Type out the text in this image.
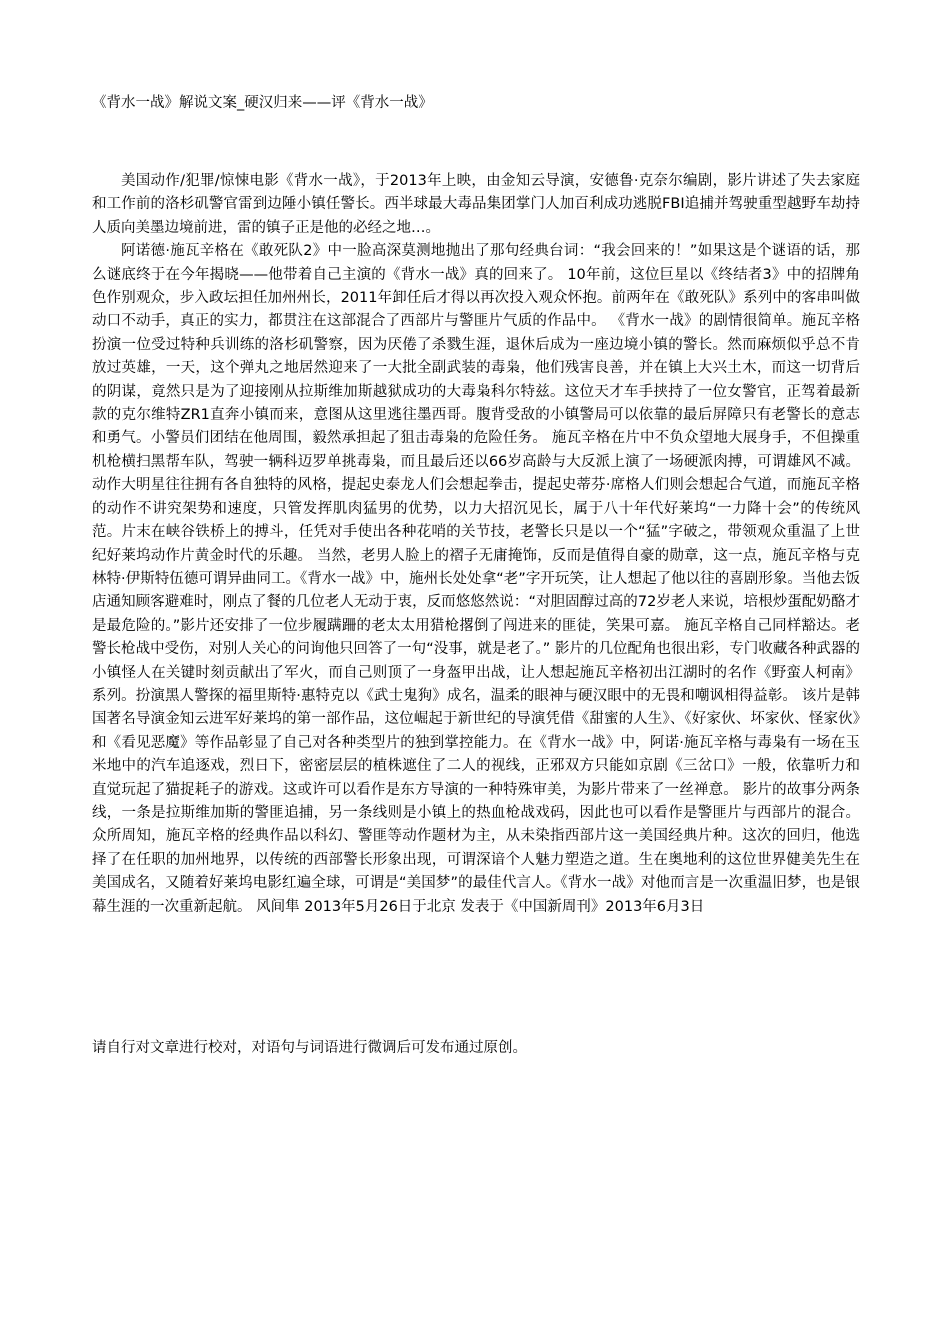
《背水一战》解说文案_硬汉归来——评《背水一战》

美国动作/犯罪/惊悚电影《背水一战》，于2013年上映，由金知云导演，安德鲁·克奈尔编剧，影片讲述了失去家庭和工作前的洛杉矶警官雷到边陲小镇任警长。西半球最大毒品集团掌门人加百利成功逃脱FBI追捕并驾驶重型越野车劫持人质向美墨边境前进，雷的镇子正是他的必经之地…。

阿诺德·施瓦辛格在《敢死队2》中一脸高深莫测地抛出了那句经典台词：“我会回来的！”如果这是个谜语的话，那么谜底终于在今年揭晓——他带着自己主演的《背水一战》真的回来了。 10年前，这位巨星以《终结者3》中的招牌角色作别观众，步入政坛担任加州州长，2011年卸任后才得以再次投入观众怀抱。前两年在《敢死队》系列中的客串叫做动口不动手，真正的实力，都贯注在这部混合了西部片与警匪片气质的作品中。 《背水一战》的剧情很简单。施瓦辛格扮演一位受过特种兵训练的洛杉矶警察，因为厌倦了杀戮生涯，退休后成为一座边境小镇的警长。然而麻烦似乎总不肯放过英雄，一天，这个弹丸之地居然迎来了一大批全副武装的毒枭，他们残害良善，并在镇上大兴土木，而这一切背后的阴谋，竟然只是为了迎接刚从拉斯维加斯越狱成功的大毒枭科尔特兹。这位天才车手挟持了一位女警官，正驾着最新款的克尔维特ZR1直奔小镇而来，意图从这里逃往墨西哥。腹背受敌的小镇警局可以依靠的最后屏障只有老警长的意志和勇气。小警员们团结在他周围，毅然承担起了狙击毒枭的危险任务。 施瓦辛格在片中不负众望地大展身手，不但操重机枪横扫黑帮车队，驾驶一辆科迈罗单挑毒枭，而且最后还以66岁高龄与大反派上演了一场硬派肉搏，可谓雄风不减。动作大明星往往拥有各自独特的风格，提起史泰龙人们会想起拳击，提起史蒂芬·席格人们则会想起合气道，而施瓦辛格的动作不讲究架势和速度，只管发挥肌肉猛男的优势，以力大招沉见长，属于八十年代好莱坞“一力降十会”的传统风范。片末在峡谷铁桥上的搏斗，任凭对手使出各种花哨的关节技，老警长只是以一个“猛”字破之，带领观众重温了上世纪好莱坞动作片黄金时代的乐趣。 当然，老男人脸上的褶子无庸掩饰，反而是值得自豪的勋章，这一点，施瓦辛格与克林特·伊斯特伍德可谓异曲同工。《背水一战》中，施州长处处拿“老”字开玩笑，让人想起了他以往的喜剧形象。当他去饭店通知顾客避难时，刚点了餐的几位老人无动于衷，反而悠悠然说：“对胆固醇过高的72岁老人来说，培根炒蛋配奶酪才是最危险的。”影片还安排了一位步履蹒跚的老太太用猎枪撂倒了闯进来的匪徒，笑果可嘉。 施瓦辛格自己同样豁达。老警长枪战中受伤，对别人关心的问询他只回答了一句“没事，就是老了。” 影片的几位配角也很出彩，专门收藏各种武器的小镇怪人在关键时刻贡献出了军火，而自己则顶了一身盔甲出战，让人想起施瓦辛格初出江湖时的名作《野蛮人柯南》系列。扮演黑人警探的福里斯特·惠特克以《武士鬼狗》成名，温柔的眼神与硬汉眼中的无畏和嘲讽相得益彰。 该片是韩国著名导演金知云进军好莱坞的第一部作品，这位崛起于新世纪的导演凭借《甜蜜的人生》、《好家伙、坏家伙、怪家伙》和《看见恶魔》等作品彰显了自己对各种类型片的独到掌控能力。在《背水一战》中，阿诺·施瓦辛格与毒枭有一场在玉米地中的汽车追逐戏，烈日下，密密层层的植株遮住了二人的视线，正邪双方只能如京剧《三岔口》一般，依靠听力和直觉玩起了猫捉耗子的游戏。这或许可以看作是东方导演的一种特殊审美，为影片带来了一丝禅意。 影片的故事分两条线，一条是拉斯维加斯的警匪追捕，另一条线则是小镇上的热血枪战戏码，因此也可以看作是警匪片与西部片的混合。众所周知，施瓦辛格的经典作品以科幻、警匪等动作题材为主，从未染指西部片这一美国经典片种。这次的回归，他选择了在任职的加州地界，以传统的西部警长形象出现，可谓深谙个人魅力塑造之道。生在奥地利的这位世界健美先生在美国成名，又随着好莱坞电影红遍全球，可谓是“美国梦”的最佳代言人。《背水一战》对他而言是一次重温旧梦，也是银幕生涯的一次重新起航。 风间隼 2013年5月26日于北京 发表于《中国新周刊》2013年6月3日

请自行对文章进行校对，对语句与词语进行微调后可发布通过原创。
